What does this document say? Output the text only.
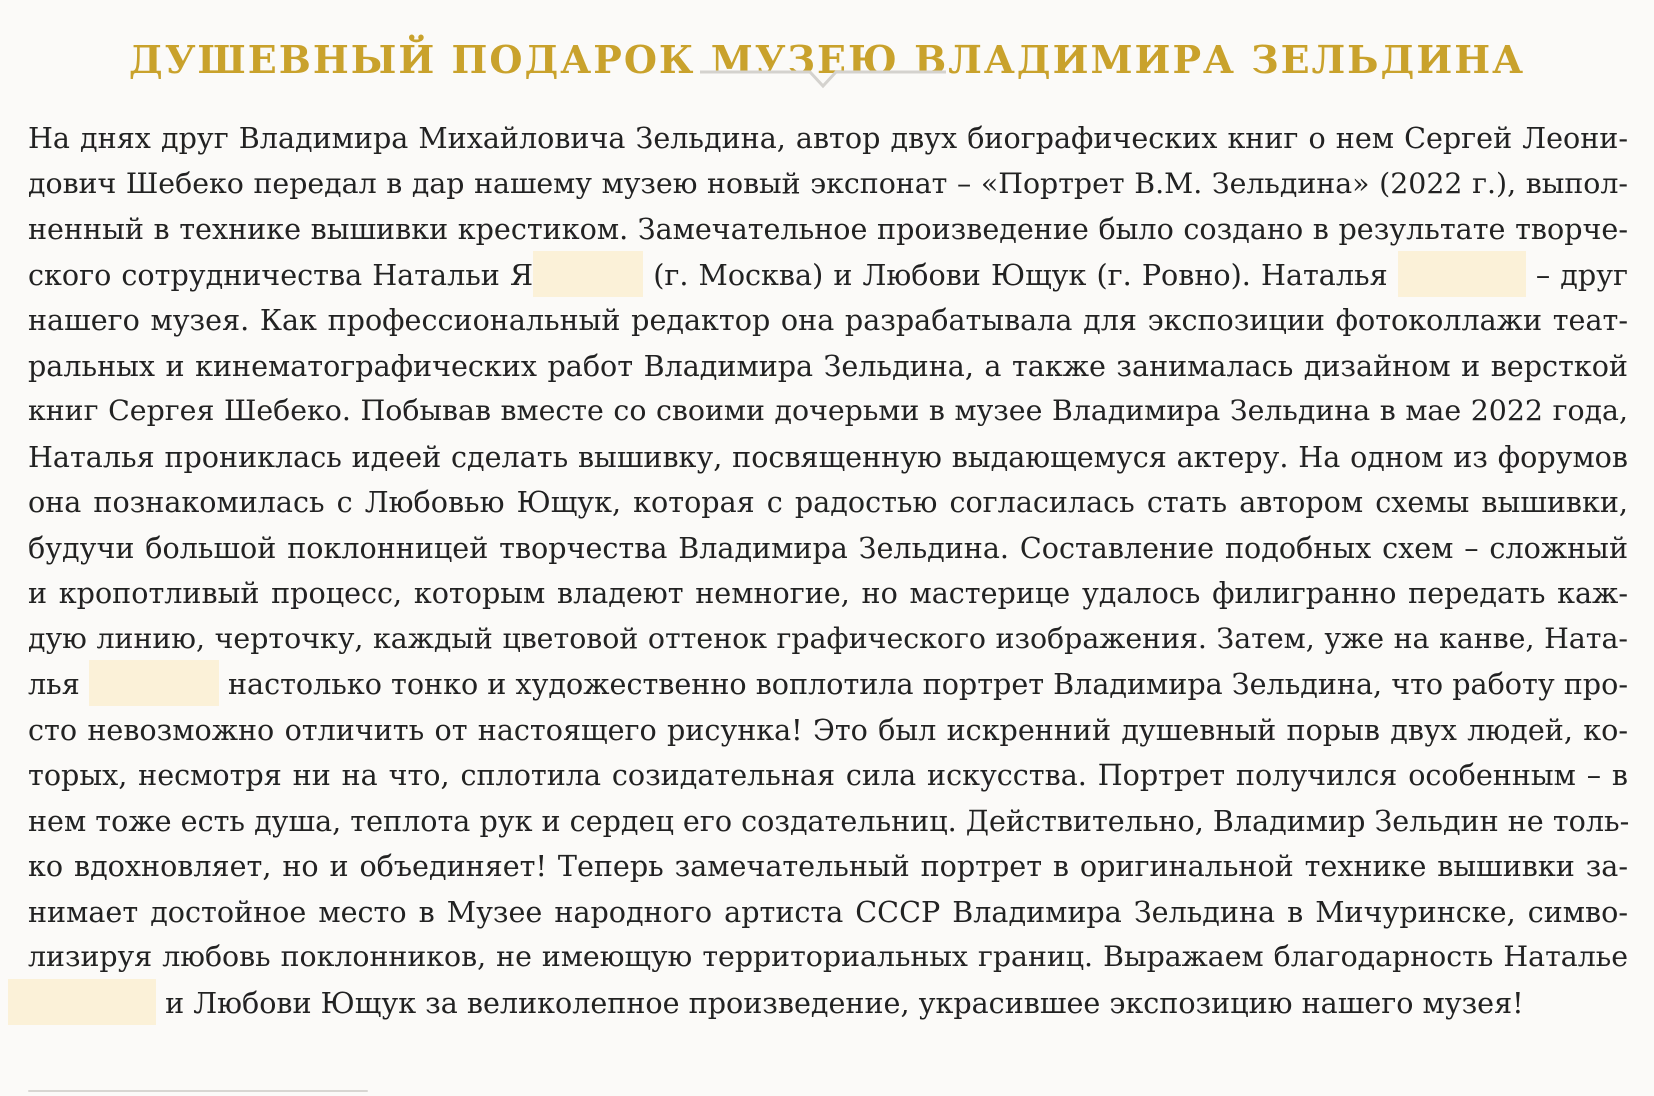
ДУШЕВНЫЙ ПОДАРОК МУЗЕЮ ВЛАДИМИРА ЗЕЛЬДИНА
На днях друг Владимира Михайловича Зельдина, автор двух биографических книг о нем Сергей Леони-
дович Шебеко передал в дар нашему музею новый экспонат – «Портрет В.М. Зельдина» (2022 г.), выпол-
ненный в технике вышивки крестиком. Замечательное произведение было создано в результате творче-
ского сотрудничества Натальи Я	(г. Москва) и Любови Ющук (г. Ровно). Наталья	– друг
нашего музея. Как профессиональный редактор она разрабатывала для экспозиции фотоколлажи теат-
ральных и кинематографических работ Владимира Зельдина, а также занималась дизайном и версткой
книг Сергея Шебеко. Побывав вместе со своими дочерьми в музее Владимира Зельдина в мае 2022 года,
Наталья прониклась идеей сделать вышивку, посвященную выдающемуся актеру. На одном из форумов
она познакомилась с Любовью Ющук, которая с радостью согласилась стать автором схемы вышивки,
будучи большой поклонницей творчества Владимира Зельдина. Составление подобных схем – сложный
и кропотливый процесс, которым владеют немногие, но мастерице удалось филигранно передать каж-
дую линию, черточку, каждый цветовой оттенок графического изображения. Затем, уже на канве, Ната-
лья	настолько тонко и художественно воплотила портрет Владимира Зельдина, что работу про-
сто невозможно отличить от настоящего рисунка! Это был искренний душевный порыв двух людей, ко-
торых, несмотря ни на что, сплотила созидательная сила искусства. Портрет получился особенным – в
нем тоже есть душа, теплота рук и сердец его создательниц. Действительно, Владимир Зельдин не толь-
ко вдохновляет, но и объединяет! Теперь замечательный портрет в оригинальной технике вышивки за-
нимает достойное место в Музее народного артиста СССР Владимира Зельдина в Мичуринске, симво-
лизируя любовь поклонников, не имеющую территориальных границ. Выражаем благодарность Наталье
и Любови Ющук за великолепное произведение, украсившее экспозицию нашего музея!
